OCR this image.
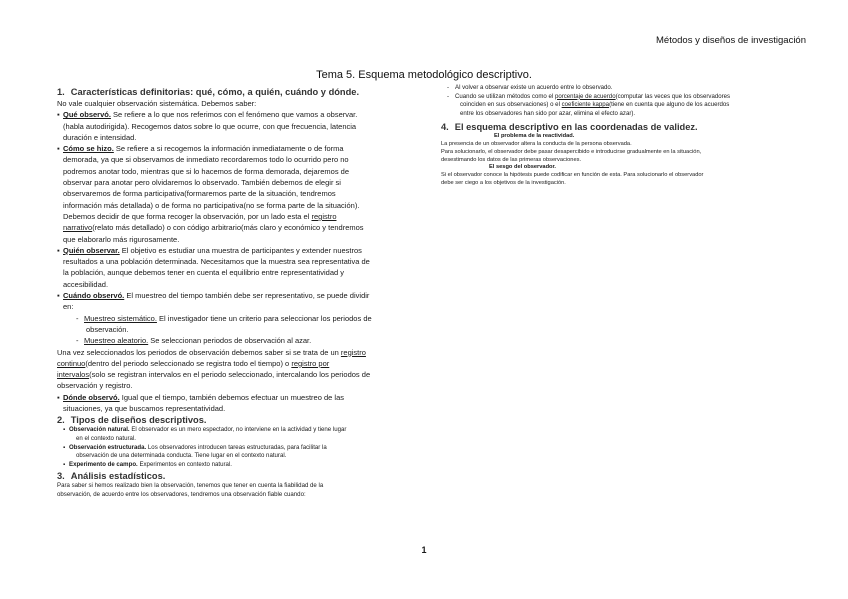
Métodos y diseños de investigación
Tema 5. Esquema metodológico descriptivo.
1. Características definitorias: qué, cómo, a quién, cuándo y dónde.

No vale cualquier observación sistemática. Debemos saber:

▪ Qué observó. Se refiere a lo que nos referimos con el fenómeno que vamos a observar.

(habla autodirigida). Recogemos datos sobre lo que ocurre, con que frecuencia, latencia

duración e intensidad.

▪ Cómo se hizo. Se refiere a si recogemos la información inmediatamente o de forma

demorada, ya que si observamos de inmediato recordaremos todo lo ocurrido pero no

podremos anotar todo, mientras que si lo hacemos de forma demorada, dejaremos de

observar para anotar pero olvidaremos lo observado. También debemos de elegir si

observaremos de forma participativa(formaremos parte de la situación, tendremos

información más detallada) o de forma no participativa(no se forma parte de la situación).

Debemos decidir de que forma recoger la observación, por un lado esta el registro

narrativo(relato más detallado) o con código arbitrario(más claro y económico y tendremos

que elaborarlo más rigurosamente.

▪ Quién observar. El objetivo es estudiar una muestra de participantes y extender nuestros

resultados a una población determinada. Necesitamos que la muestra sea representativa de

la población, aunque debemos tener en cuenta el equilibrio entre representatividad y

accesibilidad.

▪ Cuándo observó. El muestreo del tiempo también debe ser representativo, se puede dividir

en:

- Muestreo sistemático. El investigador tiene un criterio para seleccionar los periodos de

observación.

- Muestreo aleatorio. Se seleccionan periodos de observación al azar.

Una vez seleccionados los periodos de observación debemos saber si se trata de un registro

continuo(dentro del periodo seleccionado se registra todo el tiempo) o registro por

intervalos(solo se registran intervalos en el periodo seleccionado, intercalando los periodos de

observación y registro.

▪ Dónde observó. Igual que el tiempo, también debemos efectuar un muestreo de las

situaciones, ya que buscamos representatividad.

2. Tipos de diseños descriptivos.

▪ Observación natural. El observador es un mero espectador, no interviene en la actividad y tiene lugar

en el contexto natural.

▪ Observación estructurada. Los observadores introducen tareas estructuradas, para facilitar la

observación de una determinada conducta. Tiene lugar en el contexto natural.

▪ Experimento de campo. Experimentos en contexto natural.

3. Análisis estadísticos.

Para saber si hemos realizado bien la observación, tenemos que tener en cuenta la fiabilidad de la

observación, de acuerdo entre los observadores, tendremos una observación fiable cuando:

- Al volver a observar existe un acuerdo entre lo observado.

- Cuando se utilizan métodos como el porcentaje de acuerdo(computar las veces que los observadores

coinciden en sus observaciones) o el coeficiente kappa(tiene en cuenta que alguno de los acuerdos

entre los observadores han sido por azar, elimina el efecto azar).

4. El esquema descriptivo en las coordenadas de validez.

El problema de la reactividad.

La presencia de un observador altera la conducta de la persona observada.

Para solucionarlo, el observador debe pasar desapercibido e introducirse gradualmente en la situación,

desestimando los datos de las primeras observaciones.

El sesgo del observador.

Si el observador conoce la hipótesis puede codificar en función de esta. Para solucionarlo el observador

debe ser ciego a los objetivos de la investigación.

1
